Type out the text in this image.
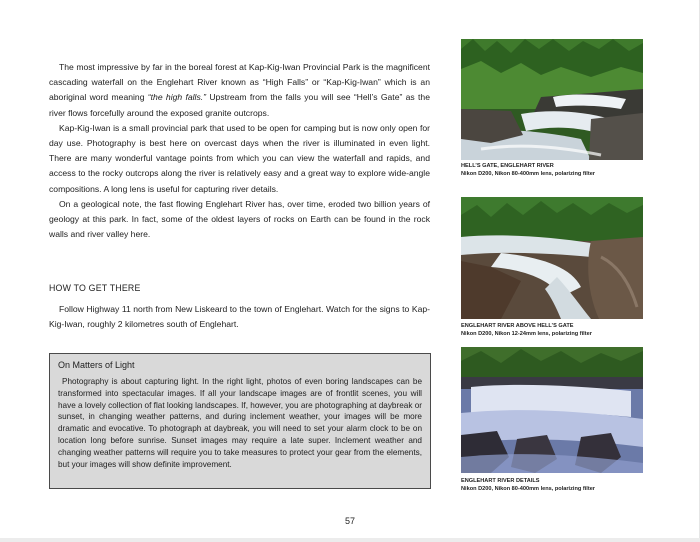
The most impressive by far in the boreal forest at Kap-Kig-Iwan Provincial Park is the magnificent cascading waterfall on the Englehart River known as “High Falls” or “Kap-Kig-Iwan” which is an aboriginal word meaning “the high falls.” Upstream from the falls you will see “Hell’s Gate” as the river flows forcefully around the exposed granite outcrops.

Kap-Kig-Iwan is a small provincial park that used to be open for camping but is now only open for day use. Photography is best here on overcast days when the river is illuminated in even light. There are many wonderful vantage points from which you can view the waterfall and rapids, and access to the rocky outcrops along the river is relatively easy and a great way to explore wide-angle compositions. A long lens is useful for capturing river details.

On a geological note, the fast flowing Englehart River has, over time, eroded two billion years of geology at this park. In fact, some of the oldest layers of rocks on Earth can be found in the rock walls and river valley here.

HOW TO GET THERE

Follow Highway 11 north from New Liskeard to the town of Englehart. Watch for the signs to Kap-Kig-Iwan, roughly 2 kilometres south of Englehart.

On Matters of Light

Photography is about capturing light. In the right light, photos of even boring landscapes can be transformed into spectacular images. If all your landscape images are of frontlit scenes, you will have a lovely collection of flat looking landscapes. If, however, you are photographing at daybreak or sunset, in changing weather patterns, and during inclement weather, your images will be more dramatic and evocative. To photograph at daybreak, you will need to set your alarm clock to be on location long before sunrise. Sunset images may require a late super. Inclement weather and changing weather patterns will require you to take measures to protect your gear from the elements, but your images will show definite improvement.

HELL’S GATE, ENGLEHART RIVER
Nikon D200, Nikon 80-400mm lens, polarizing filter
ENGLEHART RIVER ABOVE HELL’S GATE
Nikon D200, Nikon 12-24mm lens, polarizing filter
ENGLEHART RIVER DETAILS
Nikon D200, Nikon 80-400mm lens, polarizing filter
57
